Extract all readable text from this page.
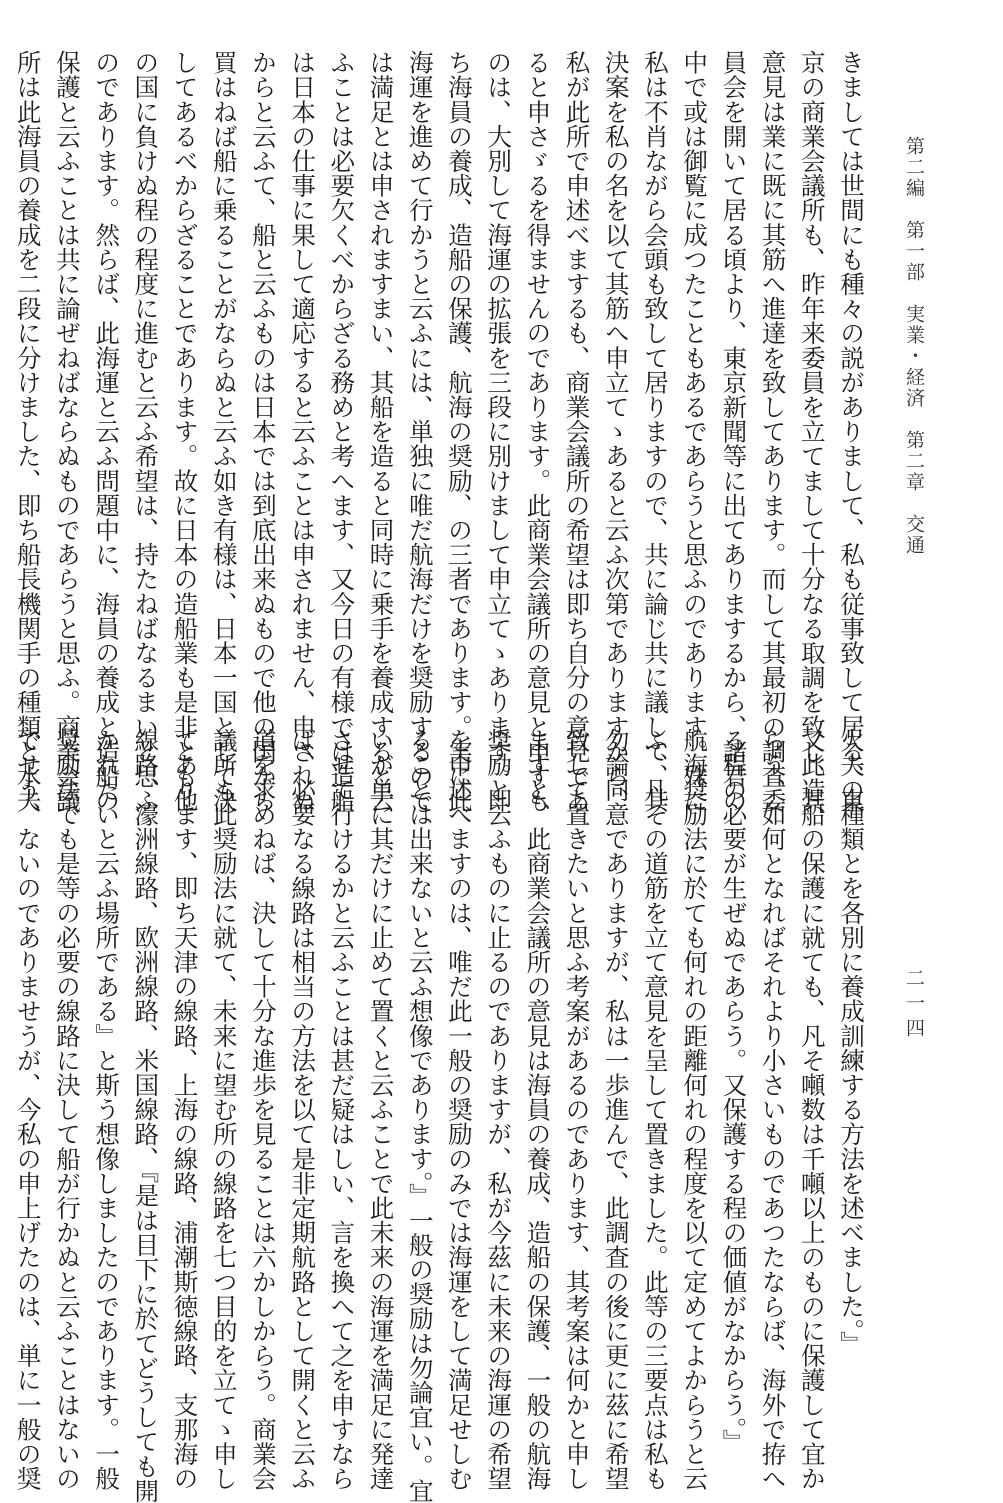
第二編　第一部　実業・経済　第二章　交通
二一四
きましては世間にも種々の説がありまして、私も従事致して居る、東
京の商業会議所も、昨年来委員を立てまして十分なる取調を致し、其
意見は業に既に其筋へ進達を致してあります。而して其最初の調査委
員会を開いて居る頃より、東京新聞等に出てありまするから、諸君の
中で或は御覧に成つたこともあるであらうと思ふのであります。殊に
私は不肖ながら会頭も致して居りますので、共に論じ共に議して、其
決案を私の名を以て其筋へ申立てゝあると云ふ次第でありますから、
私が此所で申述べまするも、商業会議所の希望は即ち自分の意見であ
ると申さゞるを得ませんのであります。此商業会議所の意見と申すも
のは、大別して海運の拡張を三段に別けまして申立てゝあります。即
ち海員の養成、造船の保護、航海の奨励、の三者であります。実に此
海運を進めて行かうと云ふには、単独に唯だ航海だけを奨励するので
は満足とは申されますまい、其船を造ると同時に乗手を養成すると云
ふことは必要欠くべからざる務めと考へます、又今日の有様では造船
は日本の仕事に果して適応すると云ふことは申されません、申されぬ
からと云ふて、船と云ふものは日本では到底出来ぬもので他の国から
買はねば船に乗ることがならぬと云ふ如き有様は、日本一国として決
してあるべからざることであります。故に日本の造船業も是非とも他
の国に負けぬ程の程度に進むと云ふ希望は、持たねばなるまいと思ふ
のであります。然らば、此海運と云ふ問題中に、海員の養成と造船の
保護と云ふことは共に論ぜねばならぬものであらうと思ふ。商業会議
所は此海員の養成を二段に分けました、即ち船長機関手の種類と水夫
火夫の種類とを各別に養成訓練する方法を述べました。』
又此造船の保護に就ても、凡そ噸数は千噸以上のものに保護して宜か
らう、如何となればそれより小さいものであつたならば、海外で拵へ
る程の必要が生ぜぬであらう。又保護する程の価値がなからう。』
航海奨励法に於ても何れの距離何れの程度を以て定めてよからうと云
ふ、凡その道筋を立て意見を呈して置きました。此等の三要点は私も
勿論同意でありますが、私は一歩進んで、此調査の後に更に茲に希望
致して置きたいと思ふ考案があるのであります、其考案は何かと申し
ますと、此商業会議所の意見は海員の養成、造船の保護、一般の航海
奨励と云ふものに止るのでありますが、私が今茲に未来の海運の希望
を申述べますのは、唯だ此一般の奨励のみでは海運をして満足せしむ
ることは出来ないと云ふ想像であります。』一般の奨励は勿論宜い。宜
いが単に其だけに止めて置くと云ふことで此未来の海運を満足に発達
させて行けるかと云ふことは甚だ疑はしい、言を換へて之を申すなら
ば、必要なる線路は相当の方法を以て是非定期航路として開くと云ふ
道を求めねば、決して十分な進歩を見ることは六かしからう。商業会
議所も此奨励法に就て、未来に望む所の線路を七つ目的を立てゝ申し
てあります、即ち天津の線路、上海の線路、浦潮斯徳線路、支那海の
線路、濠洲線路、欧洲線路、米国線路、『是は目下に於てどうしても開
かれたいと云ふ場所である』と斯う想像しましたのであります。一般
奨励法でも是等の必要の線路に決して船が行かぬと云ふことはないの
でせう、ないのでありませうが、今私の申上げたのは、単に一般の奨
